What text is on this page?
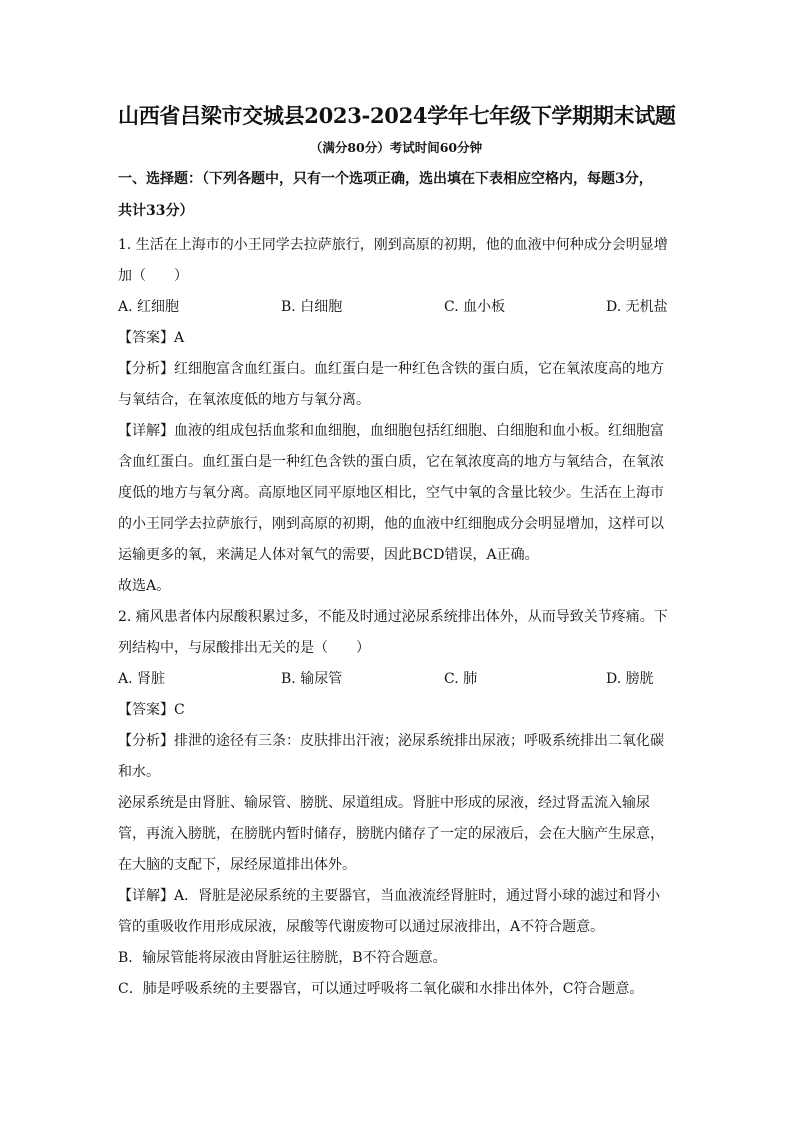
山西省吕梁市交城县2023-2024学年七年级下学期期末试题
（满分80分）考试时间60分钟
一、选择题：（下列各题中，只有一个选项正确，选出填在下表相应空格内，每题3分，
共计33分）

1. 生活在上海市的小王同学去拉萨旅行，刚到高原的初期，他的血液中何种成分会明显增

加（　　）

A. 红细胞	B. 白细胞	C. 血小板	D. 无机盐

【答案】A

【分析】红细胞富含血红蛋白。血红蛋白是一种红色含铁的蛋白质，它在氧浓度高的地方

与氧结合，在氧浓度低的地方与氧分离。

【详解】血液的组成包括血浆和血细胞，血细胞包括红细胞、白细胞和血小板。红细胞富

含血红蛋白。血红蛋白是一种红色含铁的蛋白质，它在氧浓度高的地方与氧结合，在氧浓

度低的地方与氧分离。高原地区同平原地区相比，空气中氧的含量比较少。生活在上海市

的小王同学去拉萨旅行，刚到高原的初期，他的血液中红细胞成分会明显增加，这样可以

运输更多的氧，来满足人体对氧气的需要，因此BCD错误，A正确。

故选A。

2. 痛风患者体内尿酸积累过多，不能及时通过泌尿系统排出体外，从而导致关节疼痛。下

列结构中，与尿酸排出无关的是（　　）

A. 肾脏	B. 输尿管	C. 肺	D. 膀胱

【答案】C

【分析】排泄的途径有三条：皮肤排出汗液；泌尿系统排出尿液；呼吸系统排出二氧化碳

和水。

泌尿系统是由肾脏、输尿管、膀胱、尿道组成。肾脏中形成的尿液，经过肾盂流入输尿

管，再流入膀胱，在膀胱内暂时储存，膀胱内储存了一定的尿液后，会在大脑产生尿意，

在大脑的支配下，尿经尿道排出体外。

【详解】A．肾脏是泌尿系统的主要器官，当血液流经肾脏时，通过肾小球的滤过和肾小

管的重吸收作用形成尿液，尿酸等代谢废物可以通过尿液排出，A不符合题意。

B．输尿管能将尿液由肾脏运往膀胱，B不符合题意。

C．肺是呼吸系统的主要器官，可以通过呼吸将二氧化碳和水排出体外，C符合题意。
